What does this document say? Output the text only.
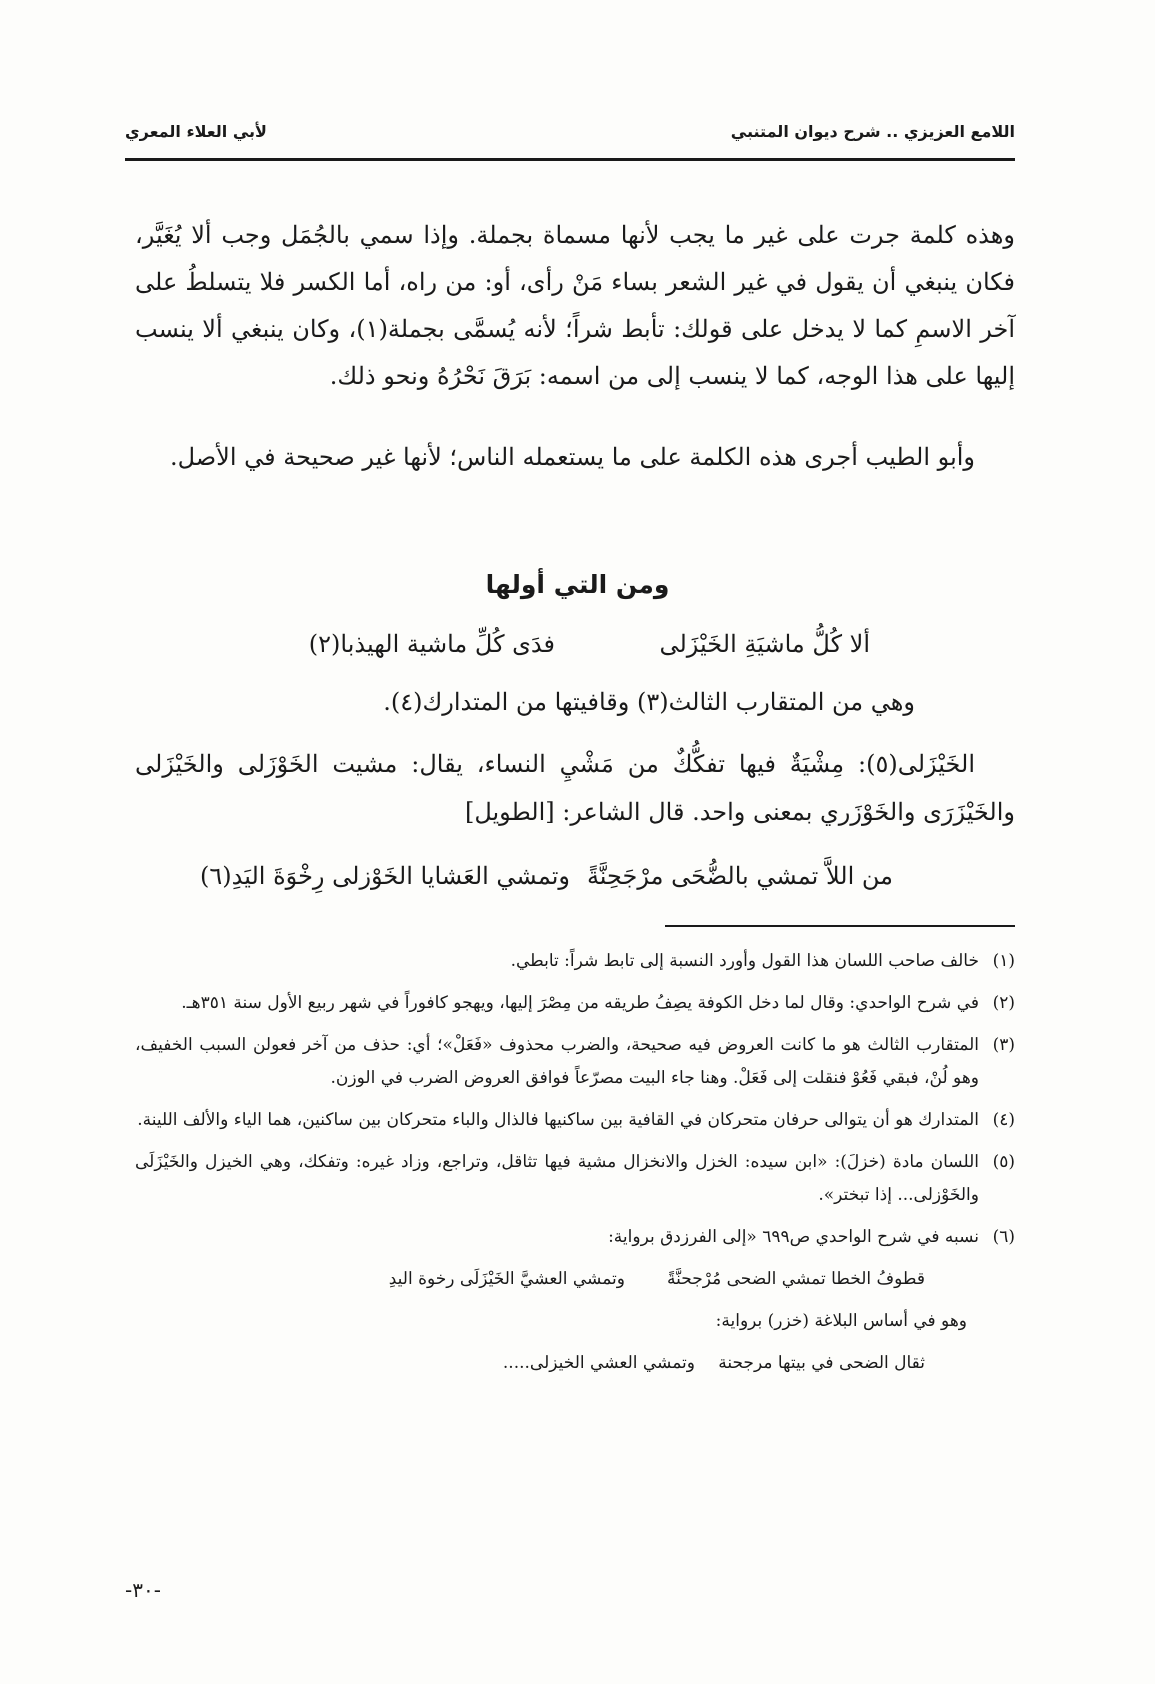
اللامع العزيزي .. شرح ديوان المتنبي
لأبي العلاء المعري
وهذه كلمة جرت على غير ما يجب لأنها مسماة بجملة. وإذا سمي بالجُمَل وجب ألا يُغَيَّر، فكان ينبغي أن يقول في غير الشعر بساء مَنْ رأى، أو: من راه، أما الكسر فلا يتسلطُ على آخر الاسمِ كما لا يدخل على قولك: تأبط شراً؛ لأنه يُسمَّى بجملة(١)، وكان ينبغي ألا ينسب إليها على هذا الوجه، كما لا ينسب إلى من اسمه: بَرَقَ نَحْرُهُ ونحو ذلك.
وأبو الطيب أجرى هذه الكلمة على ما يستعمله الناس؛ لأنها غير صحيحة في الأصل.
ومن التي أولها
ألا كُلُّ ماشيَةِ الخَيْزَلى
فدَى كُلِّ ماشية الهيذبا(٢)
وهي من المتقارب الثالث(٣) وقافيتها من المتدارك(٤).
الخَيْزَلى(٥): مِشْيَةٌ فيها تفكُّكٌ من مَشْيِ النساء، يقال: مشيت الخَوْزَلى والخَيْزَلى والخَيْزَرَى والخَوْزَري بمعنى واحد. قال الشاعر: [الطويل]
من اللاَّ تمشي بالضُّحَى مرْجَحِنَّةً
وتمشي العَشايا الخَوْزلى رِخْوَةَ اليَدِ(٦)
(١)
خالف صاحب اللسان هذا القول وأورد النسبة إلى تابط شراً: تابطي.
(٢)
في شرح الواحدي: وقال لما دخل الكوفة يصِفُ طريقه من مِصْرَ إليها، ويهجو كافوراً في شهر ربيع الأول سنة ٣٥١هـ.
(٣)
المتقارب الثالث هو ما كانت العروض فيه صحيحة، والضرب محذوف «فَعَلْ»؛ أي: حذف من آخر فعولن السبب الخفيف، وهو لُنْ، فبقي فَعُوْ فنقلت إلى فَعَلْ. وهنا جاء البيت مصرّعاً فوافق العروض الضرب في الوزن.
(٤)
المتدارك هو أن يتوالى حرفان متحركان في القافية بين ساكنيها فالذال والباء متحركان بين ساكنين، هما الياء والألف اللينة.
(٥)
اللسان مادة (خزلَ): «ابن سيده: الخزل والانخزال مشية فيها تثاقل، وتراجع، وزاد غيره: وتفكك، وهي الخيزل والخَيْزَلَى والخَوْزلى... إذا تبختر».
(٦)
نسبه في شرح الواحدي ص٦٩٩ «إلى الفرزدق برواية:
قطوفُ الخطا تمشي الضحى مُرْجحنَّةً
وتمشي العشيَّ الخَيْزَلَى رخوة اليدِ
وهو في أساس البلاغة (خزر) برواية:
ثقال الضحى في بيتها مرجحنة
وتمشي العشي الخيزلى.....
-٣٠-
